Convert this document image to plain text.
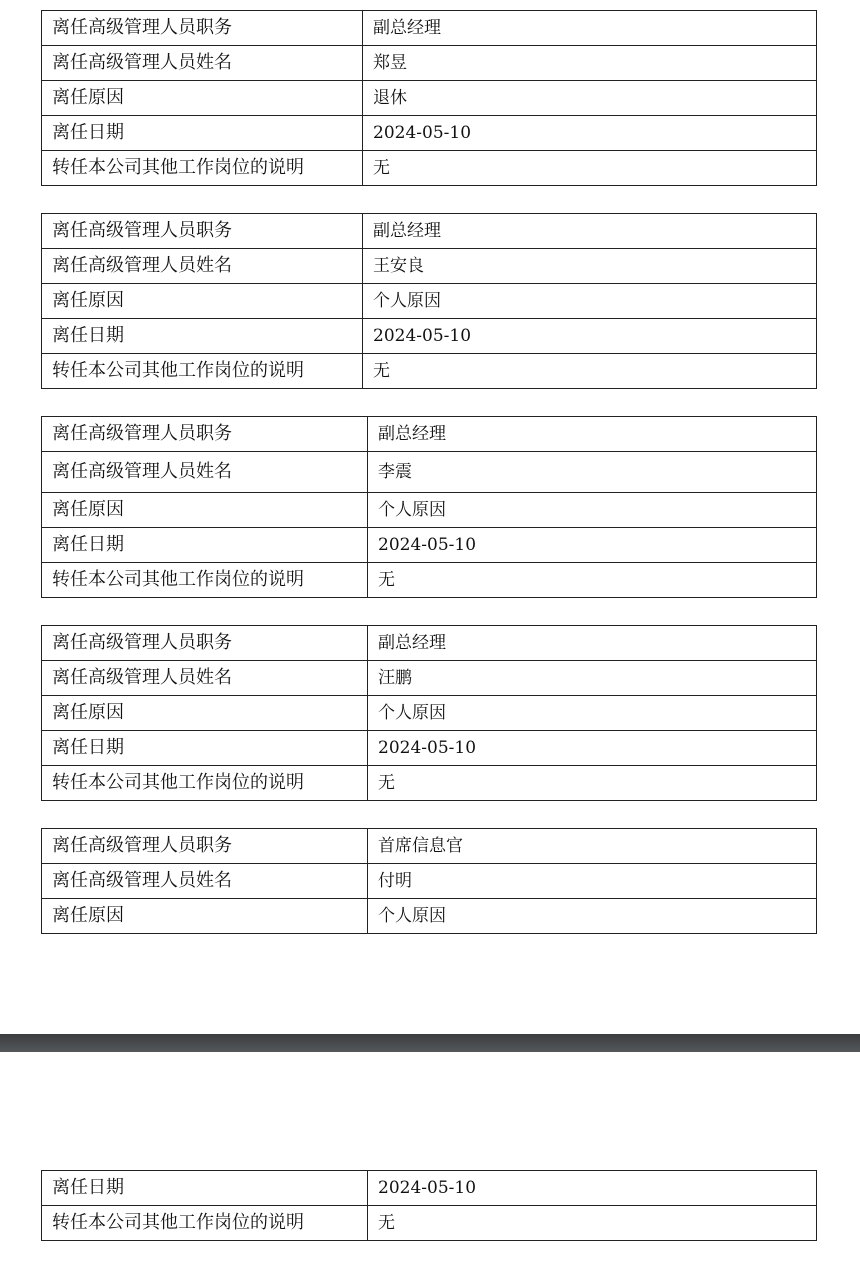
离任高级管理人员职务	副总经理
离任高级管理人员姓名	郑昱
离任原因	退休
离任日期	2024-05-10
转任本公司其他工作岗位的说明	无
离任高级管理人员职务	副总经理
离任高级管理人员姓名	王安良
离任原因	个人原因
离任日期	2024-05-10
转任本公司其他工作岗位的说明	无
离任高级管理人员职务	副总经理
离任高级管理人员姓名	李震
离任原因	个人原因
离任日期	2024-05-10
转任本公司其他工作岗位的说明	无
离任高级管理人员职务	副总经理
离任高级管理人员姓名	汪鹏
离任原因	个人原因
离任日期	2024-05-10
转任本公司其他工作岗位的说明	无
离任高级管理人员职务	首席信息官
离任高级管理人员姓名	付明
离任原因	个人原因
离任日期	2024-05-10
转任本公司其他工作岗位的说明	无
